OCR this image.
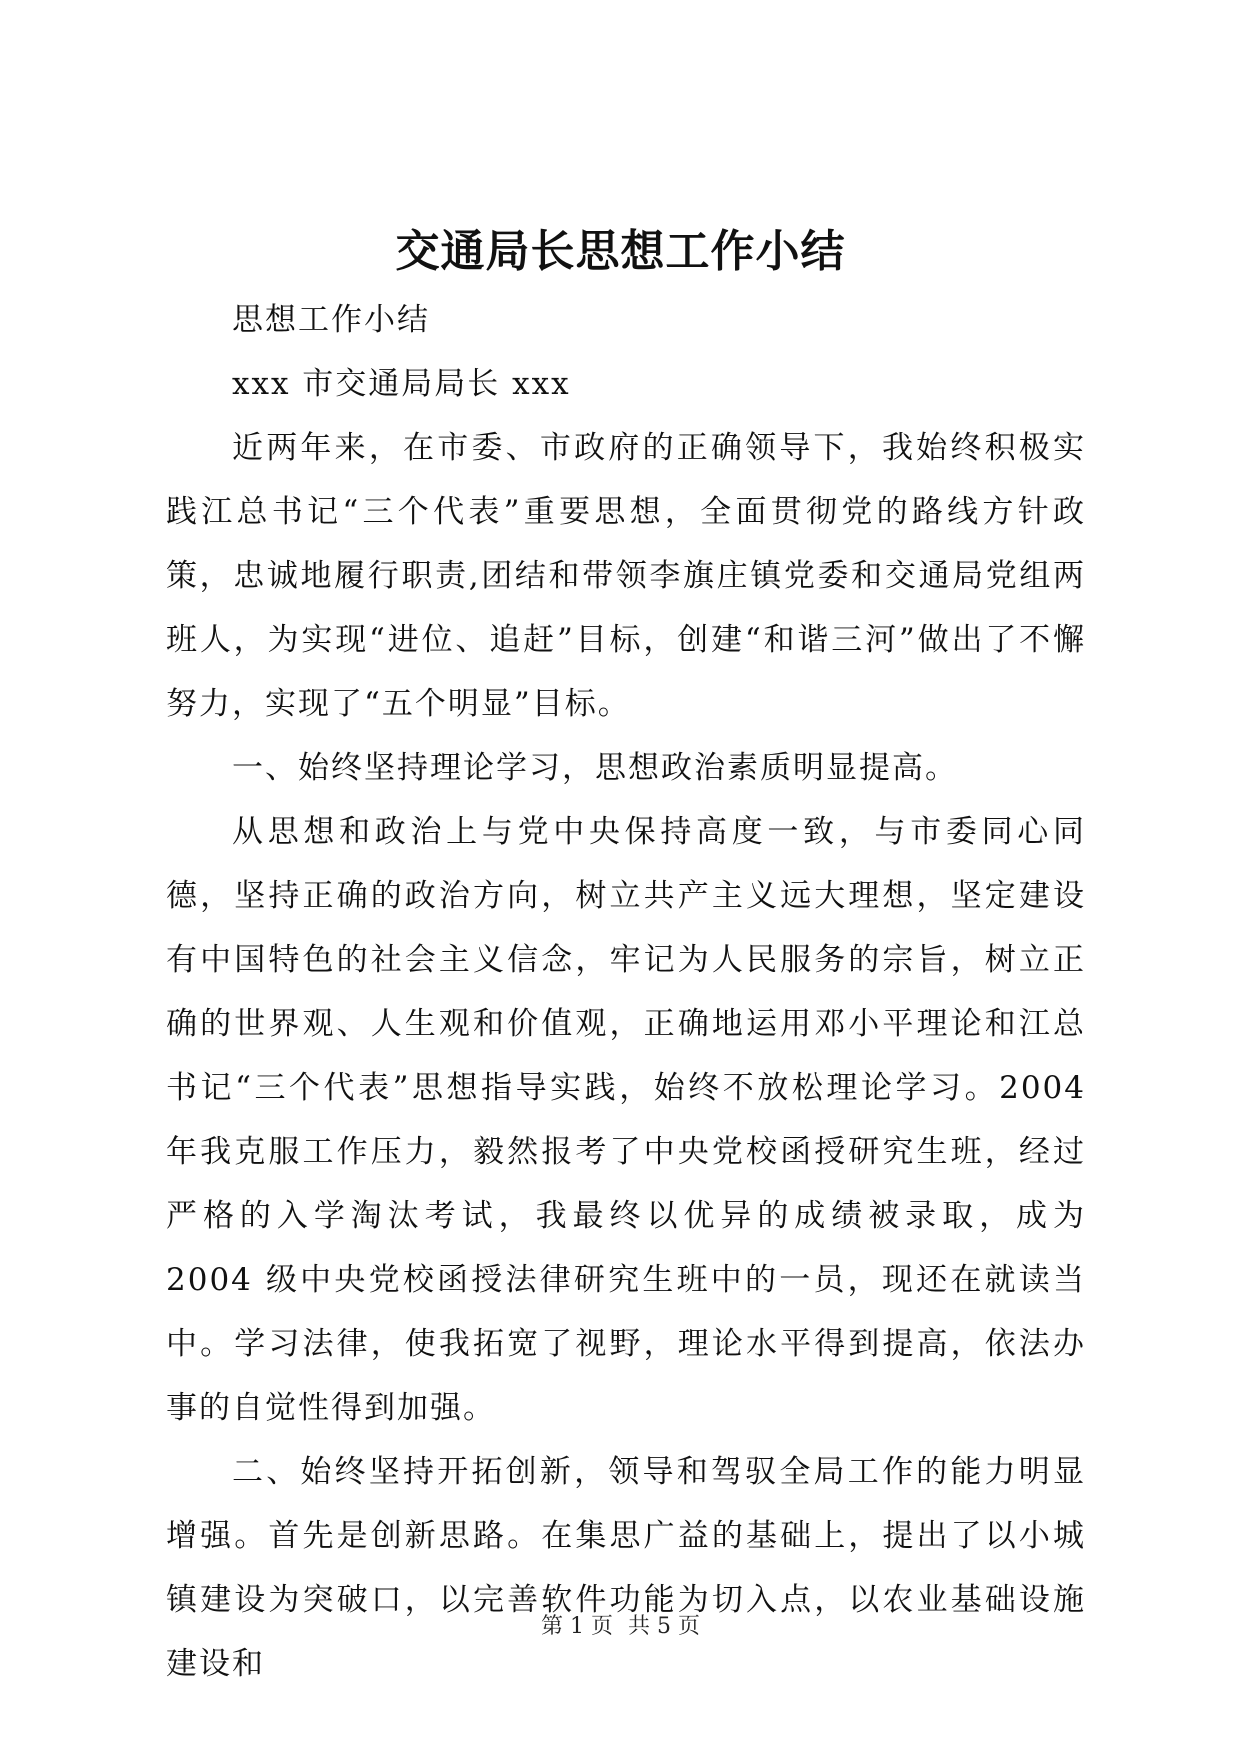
交通局长思想工作小结

思想工作小结

xxx 市交通局局长 xxx

近两年来，在市委、市政府的正确领导下，我始终积极实践江总书记“三个代表”重要思想，全面贯彻党的路线方针政策，忠诚地履行职责,团结和带领李旗庄镇党委和交通局党组两班人，为实现“进位、追赶”目标，创建“和谐三河”做出了不懈努力，实现了“五个明显”目标。

一、始终坚持理论学习，思想政治素质明显提高。

从思想和政治上与党中央保持高度一致，与市委同心同德，坚持正确的政治方向，树立共产主义远大理想，坚定建设有中国特色的社会主义信念，牢记为人民服务的宗旨，树立正确的世界观、人生观和价值观，正确地运用邓小平理论和江总书记“三个代表”思想指导实践，始终不放松理论学习。2004 年我克服工作压力，毅然报考了中央党校函授研究生班，经过严格的入学淘汰考试，我最终以优异的成绩被录取，成为 2004 级中央党校函授法律研究生班中的一员，现还在就读当中。学习法律，使我拓宽了视野，理论水平得到提高，依法办事的自觉性得到加强。

二、始终坚持开拓创新，领导和驾驭全局工作的能力明显增强。首先是创新思路。在集思广益的基础上，提出了以小城镇建设为突破口，以完善软件功能为切入点，以农业基础设施建设和

第 1 页 共 5 页
